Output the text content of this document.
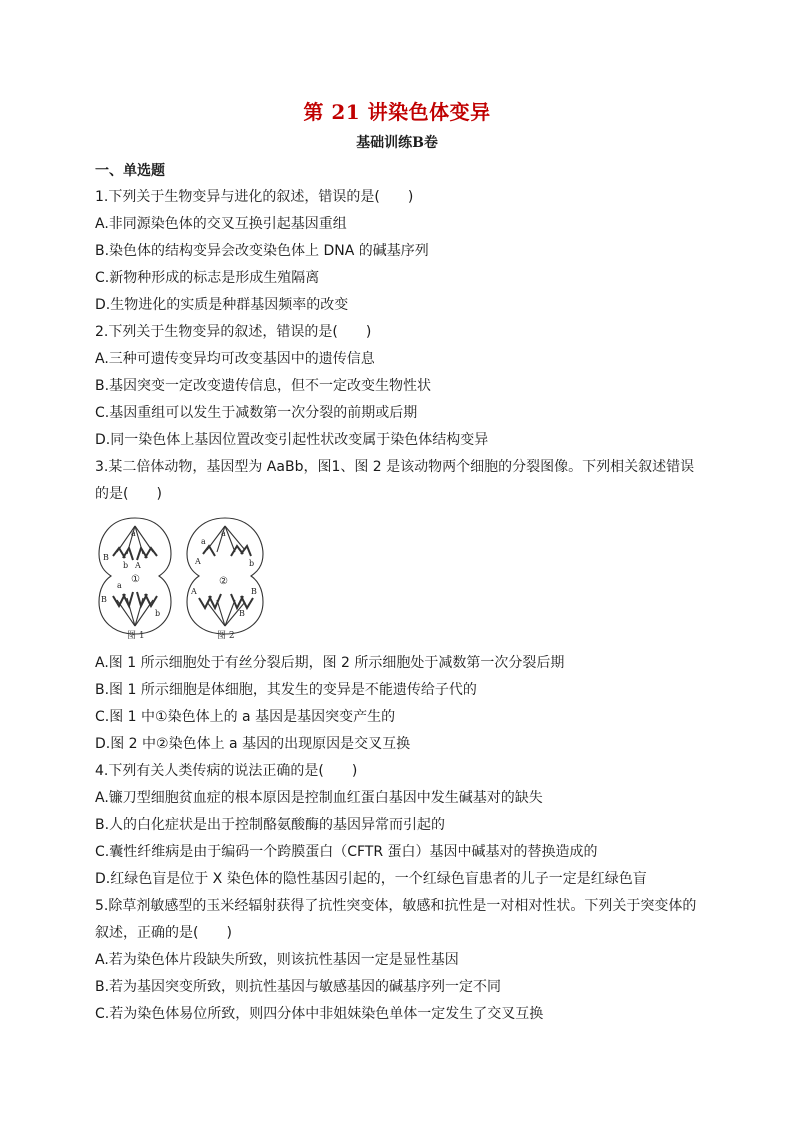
第 21 讲染色体变异
基础训练B卷
一、单选题
1.下列关于生物变异与进化的叙述，错误的是(　　)
A.非同源染色体的交叉互换引起基因重组
B.染色体的结构变异会改变染色体上 DNA 的碱基序列
C.新物种形成的标志是形成生殖隔离
D.生物进化的实质是种群基因频率的改变
2.下列关于生物变异的叙述，错误的是(　　)
A.三种可遗传变异均可改变基因中的遗传信息
B.基因突变一定改变遗传信息，但不一定改变生物性状
C.基因重组可以发生于减数第一次分裂的前期或后期
D.同一染色体上基因位置改变引起性状改变属于染色体结构变异
3.某二倍体动物，基因型为 AaBb，图1、图 2 是该动物两个细胞的分裂图像。下列相关叙述错误的是(　　)
a
B
b A
a
B
b
①
a
a
A	b
A
B
B
②
图 1	图 2
A.图 1 所示细胞处于有丝分裂后期，图 2 所示细胞处于减数第一次分裂后期
B.图 1 所示细胞是体细胞，其发生的变异是不能遗传给子代的
C.图 1 中①染色体上的 a 基因是基因突变产生的
D.图 2 中②染色体上 a 基因的出现原因是交叉互换
4.下列有关人类传病的说法正确的是(　　)
A.镰刀型细胞贫血症的根本原因是控制血红蛋白基因中发生碱基对的缺失
B.人的白化症状是出于控制酪氨酸酶的基因异常而引起的
C.囊性纤维病是由于编码一个跨膜蛋白（CFTR 蛋白）基因中碱基对的替换造成的
D.红绿色盲是位于 X 染色体的隐性基因引起的，一个红绿色盲患者的儿子一定是红绿色盲
5.除草剂敏感型的玉米经辐射获得了抗性突变体，敏感和抗性是一对相对性状。下列关于突变体的叙述，正确的是(　　)
A.若为染色体片段缺失所致，则该抗性基因一定是显性基因
B.若为基因突变所致，则抗性基因与敏感基因的碱基序列一定不同
C.若为染色体易位所致，则四分体中非姐妹染色单体一定发生了交叉互换
